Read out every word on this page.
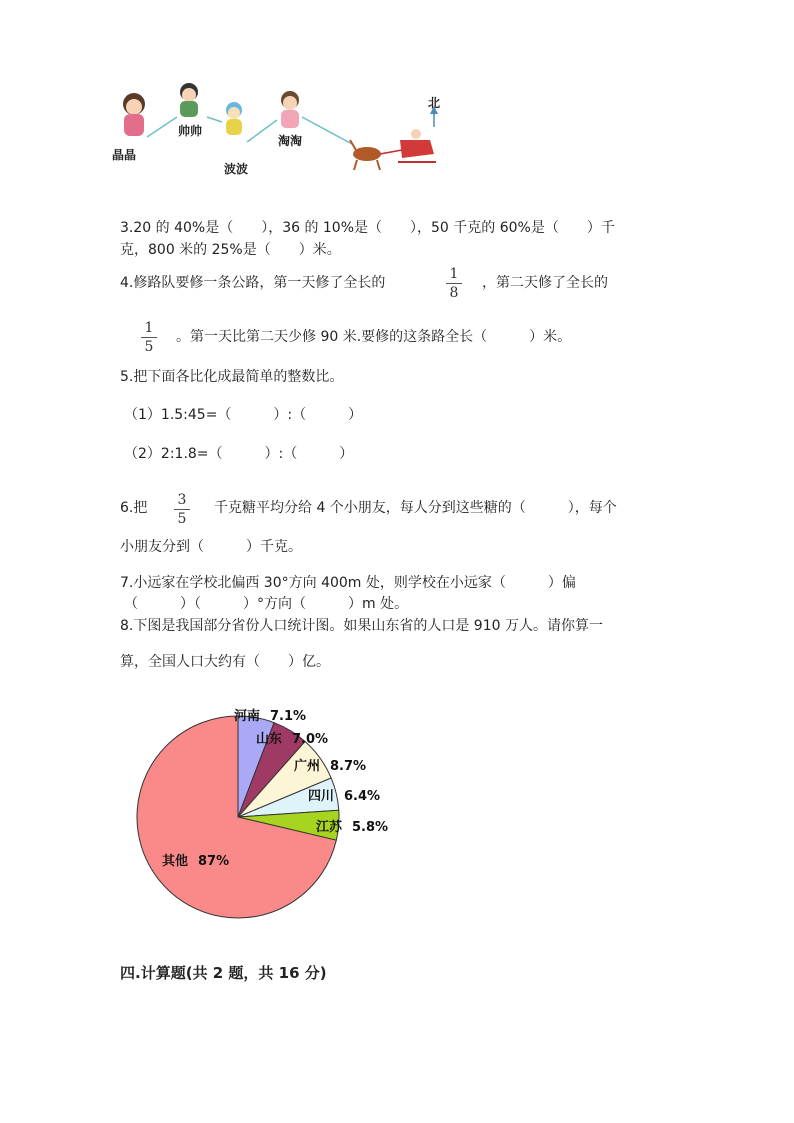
晶晶
帅帅
波波
淘淘
北
3.20 的 40%是（　　），36 的 10%是（　　），50 千克的 60%是（　　）千
克，800 米的 25%是（　　）米。
4.修路队要修一条公路，第一天修了全长的
1
8
，第二天修了全长的
1
5
。第一天比第二天少修 90 米.要修的这条路全长（　　　）米。
5.把下面各比化成最简单的整数比。
（1）1.5:45=（　　　）:（　　　）
（2）2:1.8=（　　　）:（　　　）
6.把 3
5
千克糖平均分给 4 个小朋友，每人分到这些糖的（　　　），每个
小朋友分到（　　　）千克。
7.小远家在学校北偏西 30°方向 400m 处，则学校在小远家（　　　）偏
（　　　）（　　　）°方向（　　　）m 处。
8.下图是我国部分省份人口统计图。如果山东省的人口是 910 万人。请你算一
算，全国人口大约有（　　）亿。
河南 7.1%
山东 7.0%
广州 8.7%
四川 6.4%
江苏 5.8%
其他 87%
四.计算题(共 2 题，共 16 分)
